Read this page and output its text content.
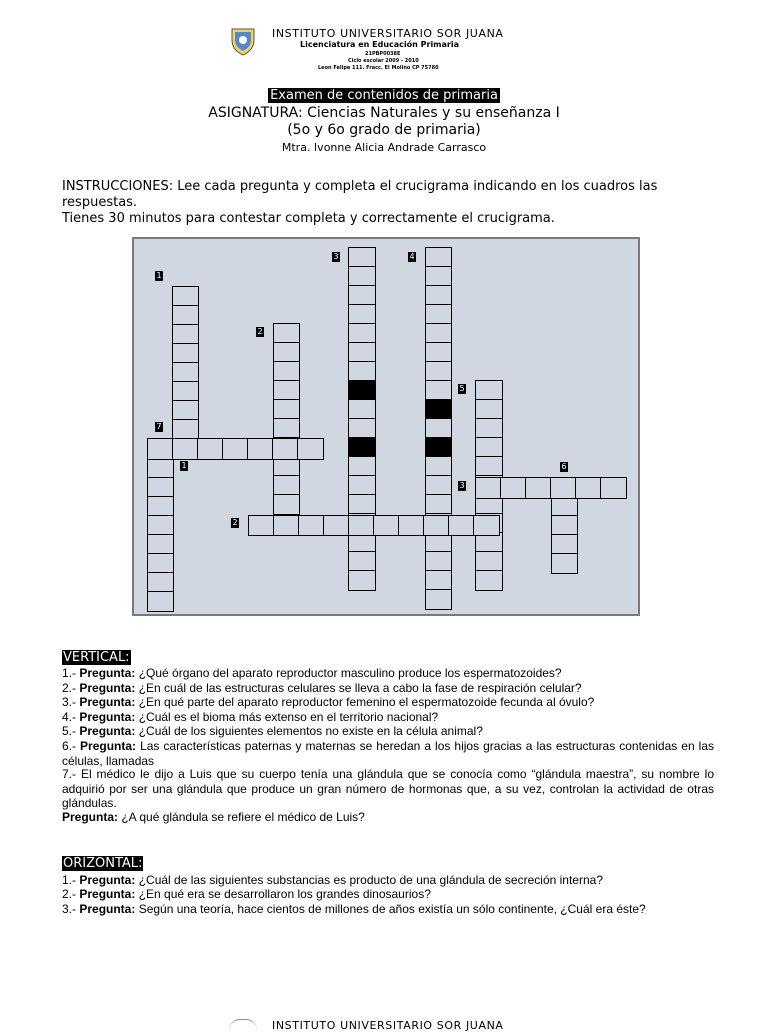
INSTITUTO UNIVERSITARIO SOR JUANA
Licenciatura en Educación Primaria
21PBP0038E
Ciclo escolar 2009 - 2010
Leon Felipe 111. Fracc. El Molino CP 75780
Examen de contenidos de primaria
ASIGNATURA: Ciencias Naturales y su enseñanza I
(5o y 6o grado de primaria)
Mtra. Ivonne Alicia Andrade Carrasco
INSTRUCCIONES: Lee cada pregunta y completa el crucigrama indicando en los cuadros las respuestas.
Tienes 30 minutos para contestar completa y correctamente el crucigrama.
1
2
3	4
5
6
7
1
2
3
VERTICAL:
1.- Pregunta: ¿Qué órgano del aparato reproductor masculino produce los espermatozoides?
2.- Pregunta: ¿En cuál de las estructuras celulares se lleva a cabo la fase de respiración celular?
3.- Pregunta: ¿En qué parte del aparato reproductor femenino el espermatozoide fecunda al óvulo?
4.- Pregunta: ¿Cuál es el bioma más extenso en el territorio nacional?
5.- Pregunta: ¿Cuál de los siguientes elementos no existe en la célula animal?
6.- Pregunta: Las características paternas y maternas se heredan a los hijos gracias a las estructuras contenidas en las células, llamadas
7.- El médico le dijo a Luis que su cuerpo tenía una glándula que se conocía como “glándula maestra”, su nombre lo adquirió por ser una glándula que produce un gran número de hormonas que, a su vez, controlan la actividad de otras glándulas.
Pregunta: ¿A qué glándula se refiere el médico de Luis?
ORIZONTAL:
1.- Pregunta: ¿Cuál de las siguientes substancias es producto de una glándula de secreción interna?
2.- Pregunta: ¿En qué era se desarrollaron los grandes dinosaurios?
3.- Pregunta: Según una teoría, hace cientos de millones de años existía un sólo continente, ¿Cuál era éste?
INSTITUTO UNIVERSITARIO SOR JUANA
